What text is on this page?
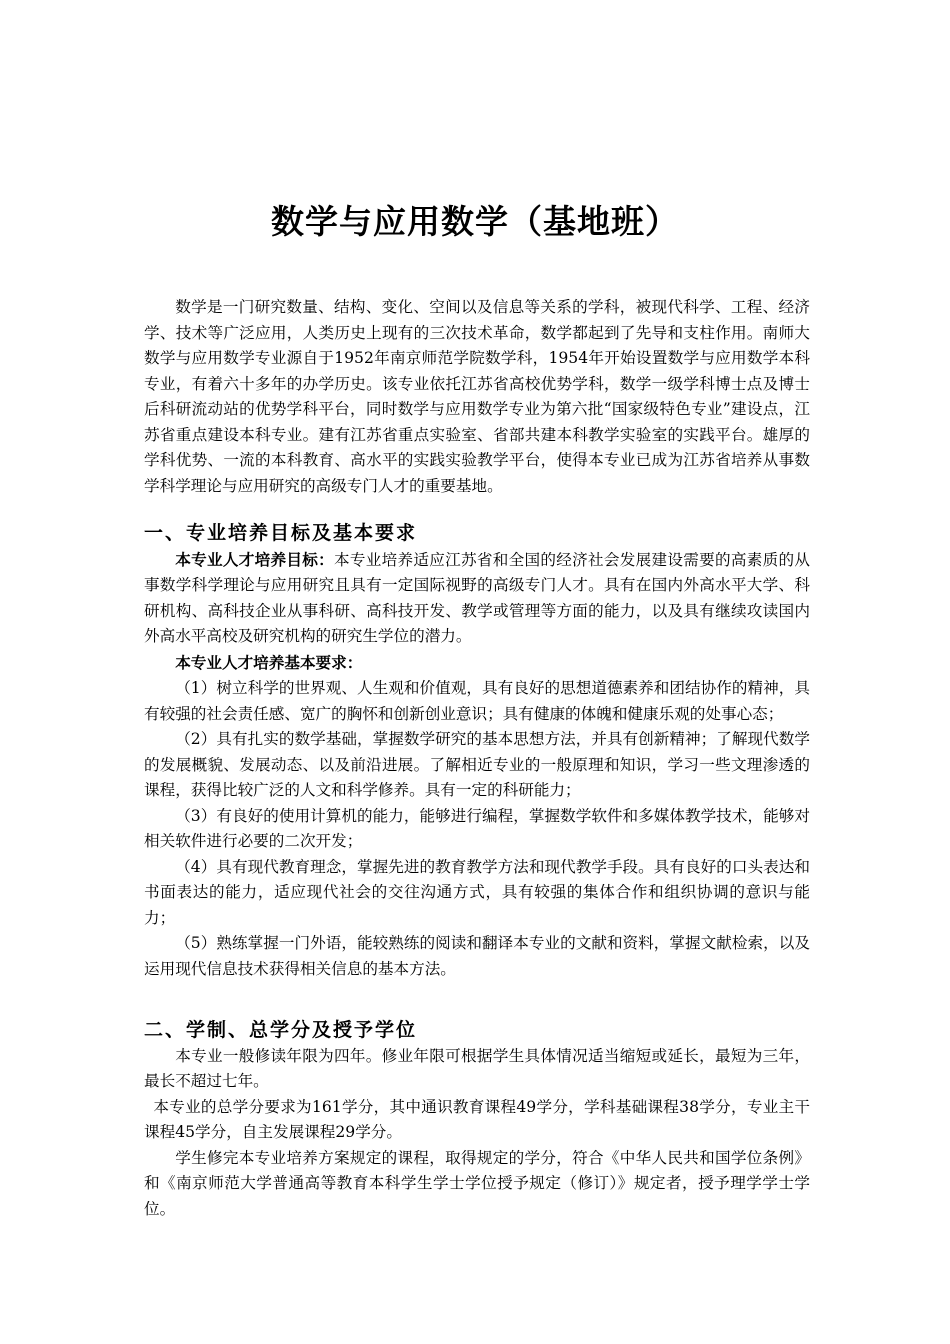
数学与应用数学（基地班）

数学是一门研究数量、结构、变化、空间以及信息等关系的学科，被现代科学、工程、经济学、技术等广泛应用，人类历史上现有的三次技术革命，数学都起到了先导和支柱作用。南师大数学与应用数学专业源自于1952年南京师范学院数学科，1954年开始设置数学与应用数学本科专业，有着六十多年的办学历史。该专业依托江苏省高校优势学科，数学一级学科博士点及博士后科研流动站的优势学科平台，同时数学与应用数学专业为第六批“国家级特色专业”建设点，江苏省重点建设本科专业。建有江苏省重点实验室、省部共建本科教学实验室的实践平台。雄厚的学科优势、一流的本科教育、高水平的实践实验教学平台，使得本专业已成为江苏省培养从事数学科学理论与应用研究的高级专门人才的重要基地。

一、专业培养目标及基本要求

本专业人才培养目标：本专业培养适应江苏省和全国的经济社会发展建设需要的高素质的从事数学科学理论与应用研究且具有一定国际视野的高级专门人才。具有在国内外高水平大学、科研机构、高科技企业从事科研、高科技开发、教学或管理等方面的能力，以及具有继续攻读国内外高水平高校及研究机构的研究生学位的潜力。

本专业人才培养基本要求：

（1）树立科学的世界观、人生观和价值观，具有良好的思想道德素养和团结协作的精神，具有较强的社会责任感、宽广的胸怀和创新创业意识；具有健康的体魄和健康乐观的处事心态；

（2）具有扎实的数学基础，掌握数学研究的基本思想方法，并具有创新精神；了解现代数学的发展概貌、发展动态、以及前沿进展。了解相近专业的一般原理和知识，学习一些文理渗透的课程，获得比较广泛的人文和科学修养。具有一定的科研能力；

（3）有良好的使用计算机的能力，能够进行编程，掌握数学软件和多媒体教学技术，能够对相关软件进行必要的二次开发；

（4）具有现代教育理念，掌握先进的教育教学方法和现代教学手段。具有良好的口头表达和书面表达的能力，适应现代社会的交往沟通方式，具有较强的集体合作和组织协调的意识与能力；

（5）熟练掌握一门外语，能较熟练的阅读和翻译本专业的文献和资料，掌握文献检索，以及运用现代信息技术获得相关信息的基本方法。

二、学制、总学分及授予学位

本专业一般修读年限为四年。修业年限可根据学生具体情况适当缩短或延长，最短为三年，最长不超过七年。

本专业的总学分要求为161学分，其中通识教育课程49学分，学科基础课程38学分，专业主干课程45学分，自主发展课程29学分。

学生修完本专业培养方案规定的课程，取得规定的学分，符合《中华人民共和国学位条例》和《南京师范大学普通高等教育本科学生学士学位授予规定（修订）》规定者，授予理学学士学位。
